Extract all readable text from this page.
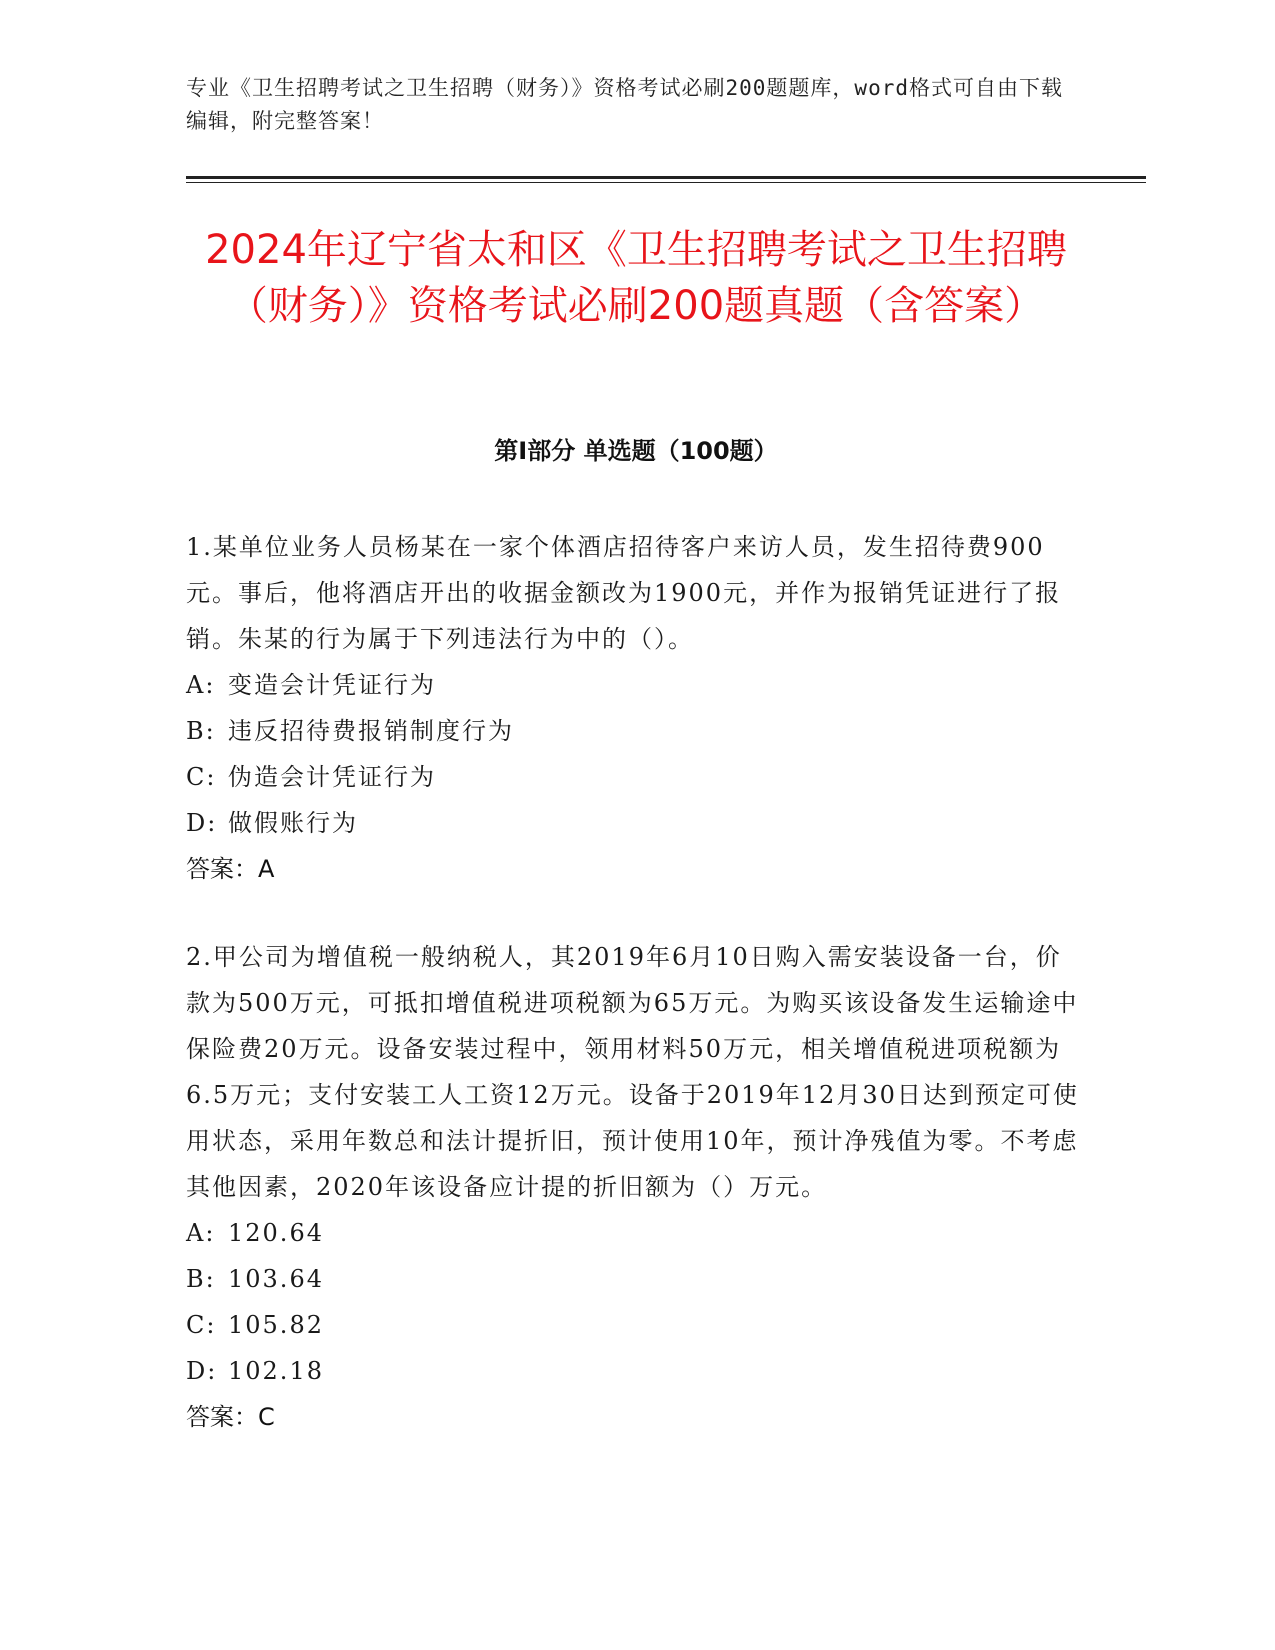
专业《卫生招聘考试之卫生招聘（财务）》资格考试必刷200题题库，word格式可自由下载编辑，附完整答案！
2024年辽宁省太和区《卫生招聘考试之卫生招聘（财务）》资格考试必刷200题真题（含答案）
第I部分 单选题（100题）

1.某单位业务人员杨某在一家个体酒店招待客户来访人员，发生招待费900元。事后，他将酒店开出的收据金额改为1900元，并作为报销凭证进行了报销。朱某的行为属于下列违法行为中的（）。

A: 变造会计凭证行为

B: 违反招待费报销制度行为

C: 伪造会计凭证行为

D: 做假账行为

答案：A

2.甲公司为增值税一般纳税人，其2019年6月10日购入需安装设备一台，价款为500万元，可抵扣增值税进项税额为65万元。为购买该设备发生运输途中保险费20万元。设备安装过程中，领用材料50万元，相关增值税进项税额为6.5万元；支付安装工人工资12万元。设备于2019年12月30日达到预定可使用状态，采用年数总和法计提折旧，预计使用10年，预计净残值为零。不考虑其他因素，2020年该设备应计提的折旧额为（）万元。

A: 120.64

B: 103.64

C: 105.82

D: 102.18

答案：C
